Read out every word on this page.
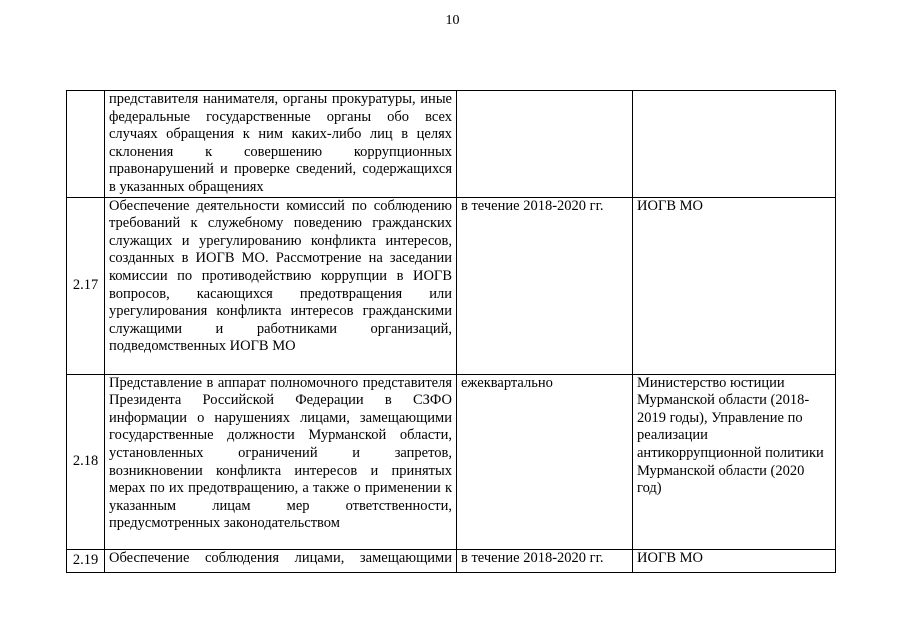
10

	представителя нанимателя, органы прокуратуры, иные федеральные государственные органы обо всех случаях обращения к ним каких-либо лиц в целях склонения к совершению коррупционных правонарушений и проверке сведений, содержащихся в указанных обращениях		

2.17	Обеспечение деятельности комиссий по соблюдению требований к служебному поведению гражданских служащих и урегулированию конфликта интересов, созданных в ИОГВ МО. Рассмотрение на заседании комиссии по противодействию коррупции в ИОГВ вопросов, касающихся предотвращения или урегулирования конфликта интересов гражданскими служащими и работниками организаций, подведомственных ИОГВ МО	в течение 2018-2020 гг.	ИОГВ МО
2.18	Представление в аппарат полномочного представителя Президента Российской Федерации в СЗФО информации о нарушениях лицами, замещающими государственные должности Мурманской области, установленных ограничений и запретов, возникновении конфликта интересов и принятых мерах по их предотвращению, а также о применении к указанным лицам мер ответственности, предусмотренных законодательством	ежеквартально	Министерство юстиции Мурманской области (2018-2019 годы), Управление по реализации антикоррупционной политики Мурманской области (2020 год)
2.19	Обеспечение соблюдения лицами, замещающими	в течение 2018-2020 гг.	ИОГВ МО
